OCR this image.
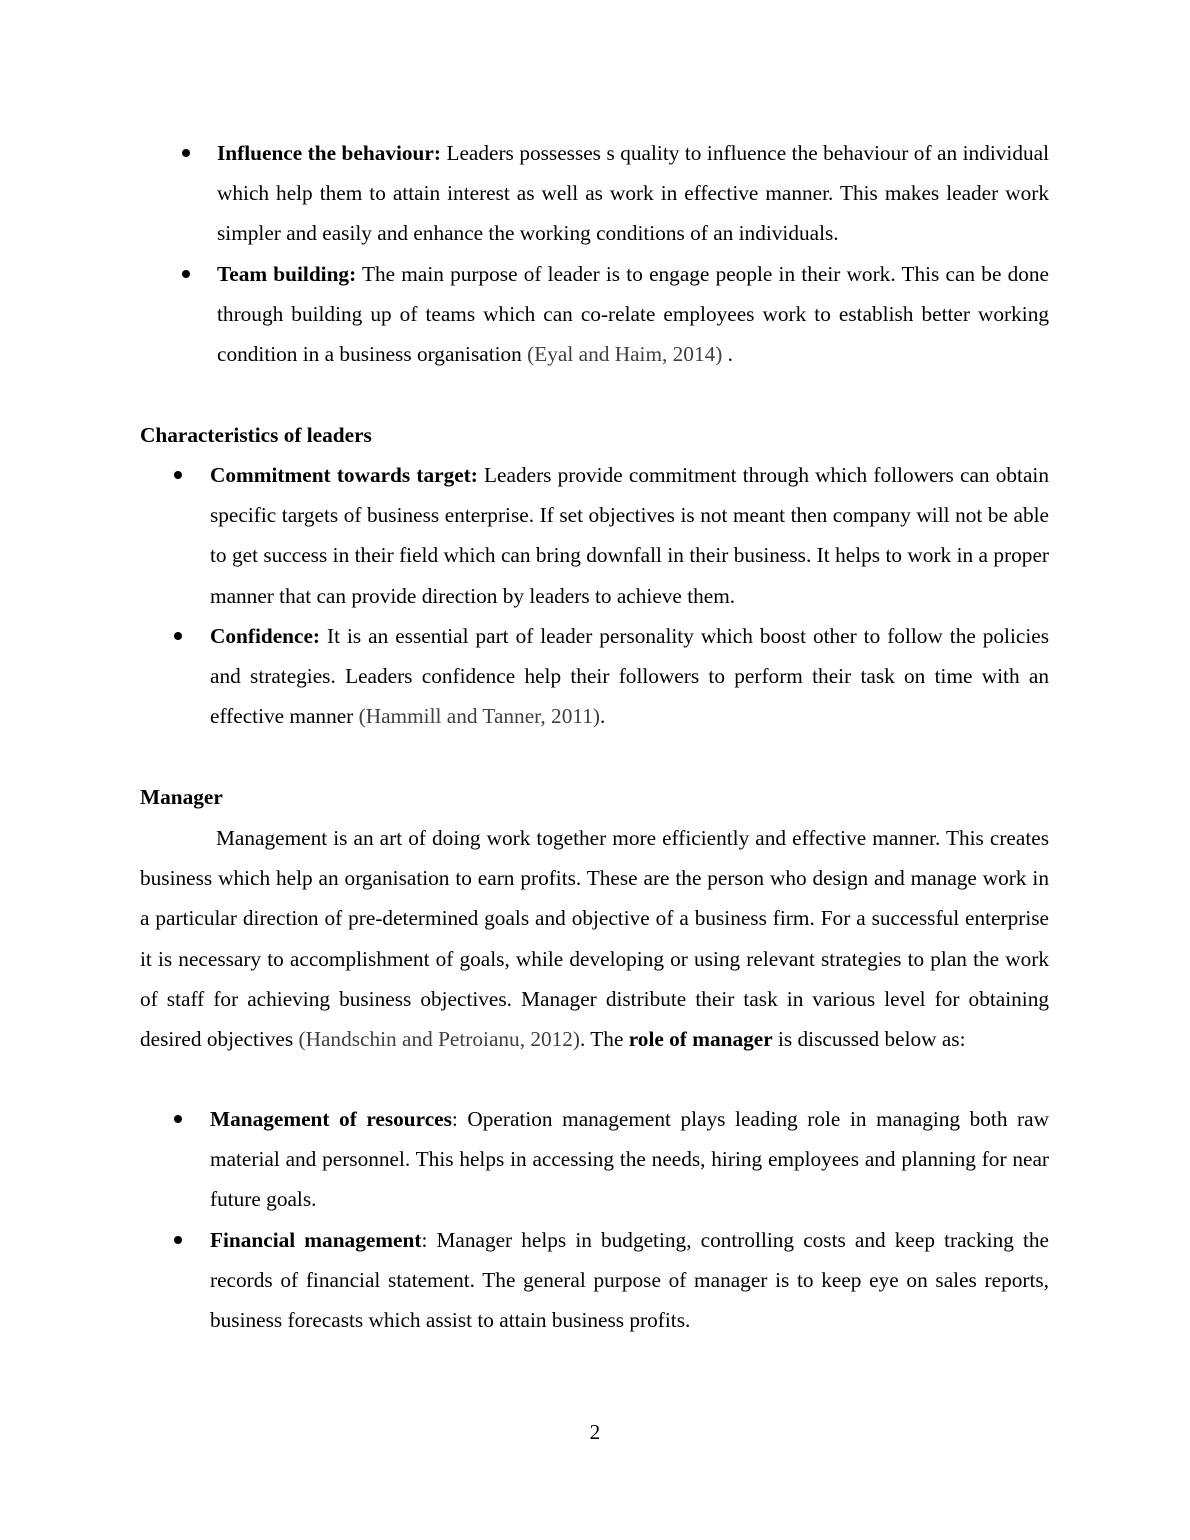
Influence the behaviour: Leaders possesses s quality to influence the behaviour of an individual which help them to attain interest as well as work in effective manner. This makes leader work simpler and easily and enhance the working conditions of an individuals.
Team building: The main purpose of leader is to engage people in their work. This can be done through building up of teams which can co-relate employees work to establish better working condition in a business organisation (Eyal and Haim, 2014) .
Characteristics of leaders
Commitment towards target: Leaders provide commitment through which followers can obtain specific targets of business enterprise. If set objectives is not meant then company will not be able to get success in their field which can bring downfall in their business. It helps to work in a proper manner that can provide direction by leaders to achieve them.
Confidence: It is an essential part of leader personality which boost other to follow the policies and strategies. Leaders confidence help their followers to perform their task on time with an effective manner (Hammill and Tanner, 2011).
Manager
Management is an art of doing work together more efficiently and effective manner. This creates business which help an organisation to earn profits. These are the person who design and manage work in a particular direction of pre-determined goals and objective of a business firm. For a successful enterprise it is necessary to accomplishment of goals, while developing or using relevant strategies to plan the work of staff for achieving business objectives. Manager distribute their task in various level for obtaining desired objectives (Handschin and Petroianu, 2012). The role of manager is discussed below as:
Management of resources: Operation management plays leading role in managing both raw material and personnel. This helps in accessing the needs, hiring employees and planning for near future goals.
Financial management: Manager helps in budgeting, controlling costs and keep tracking the records of financial statement. The general purpose of manager is to keep eye on sales reports, business forecasts which assist to attain business profits.
2
